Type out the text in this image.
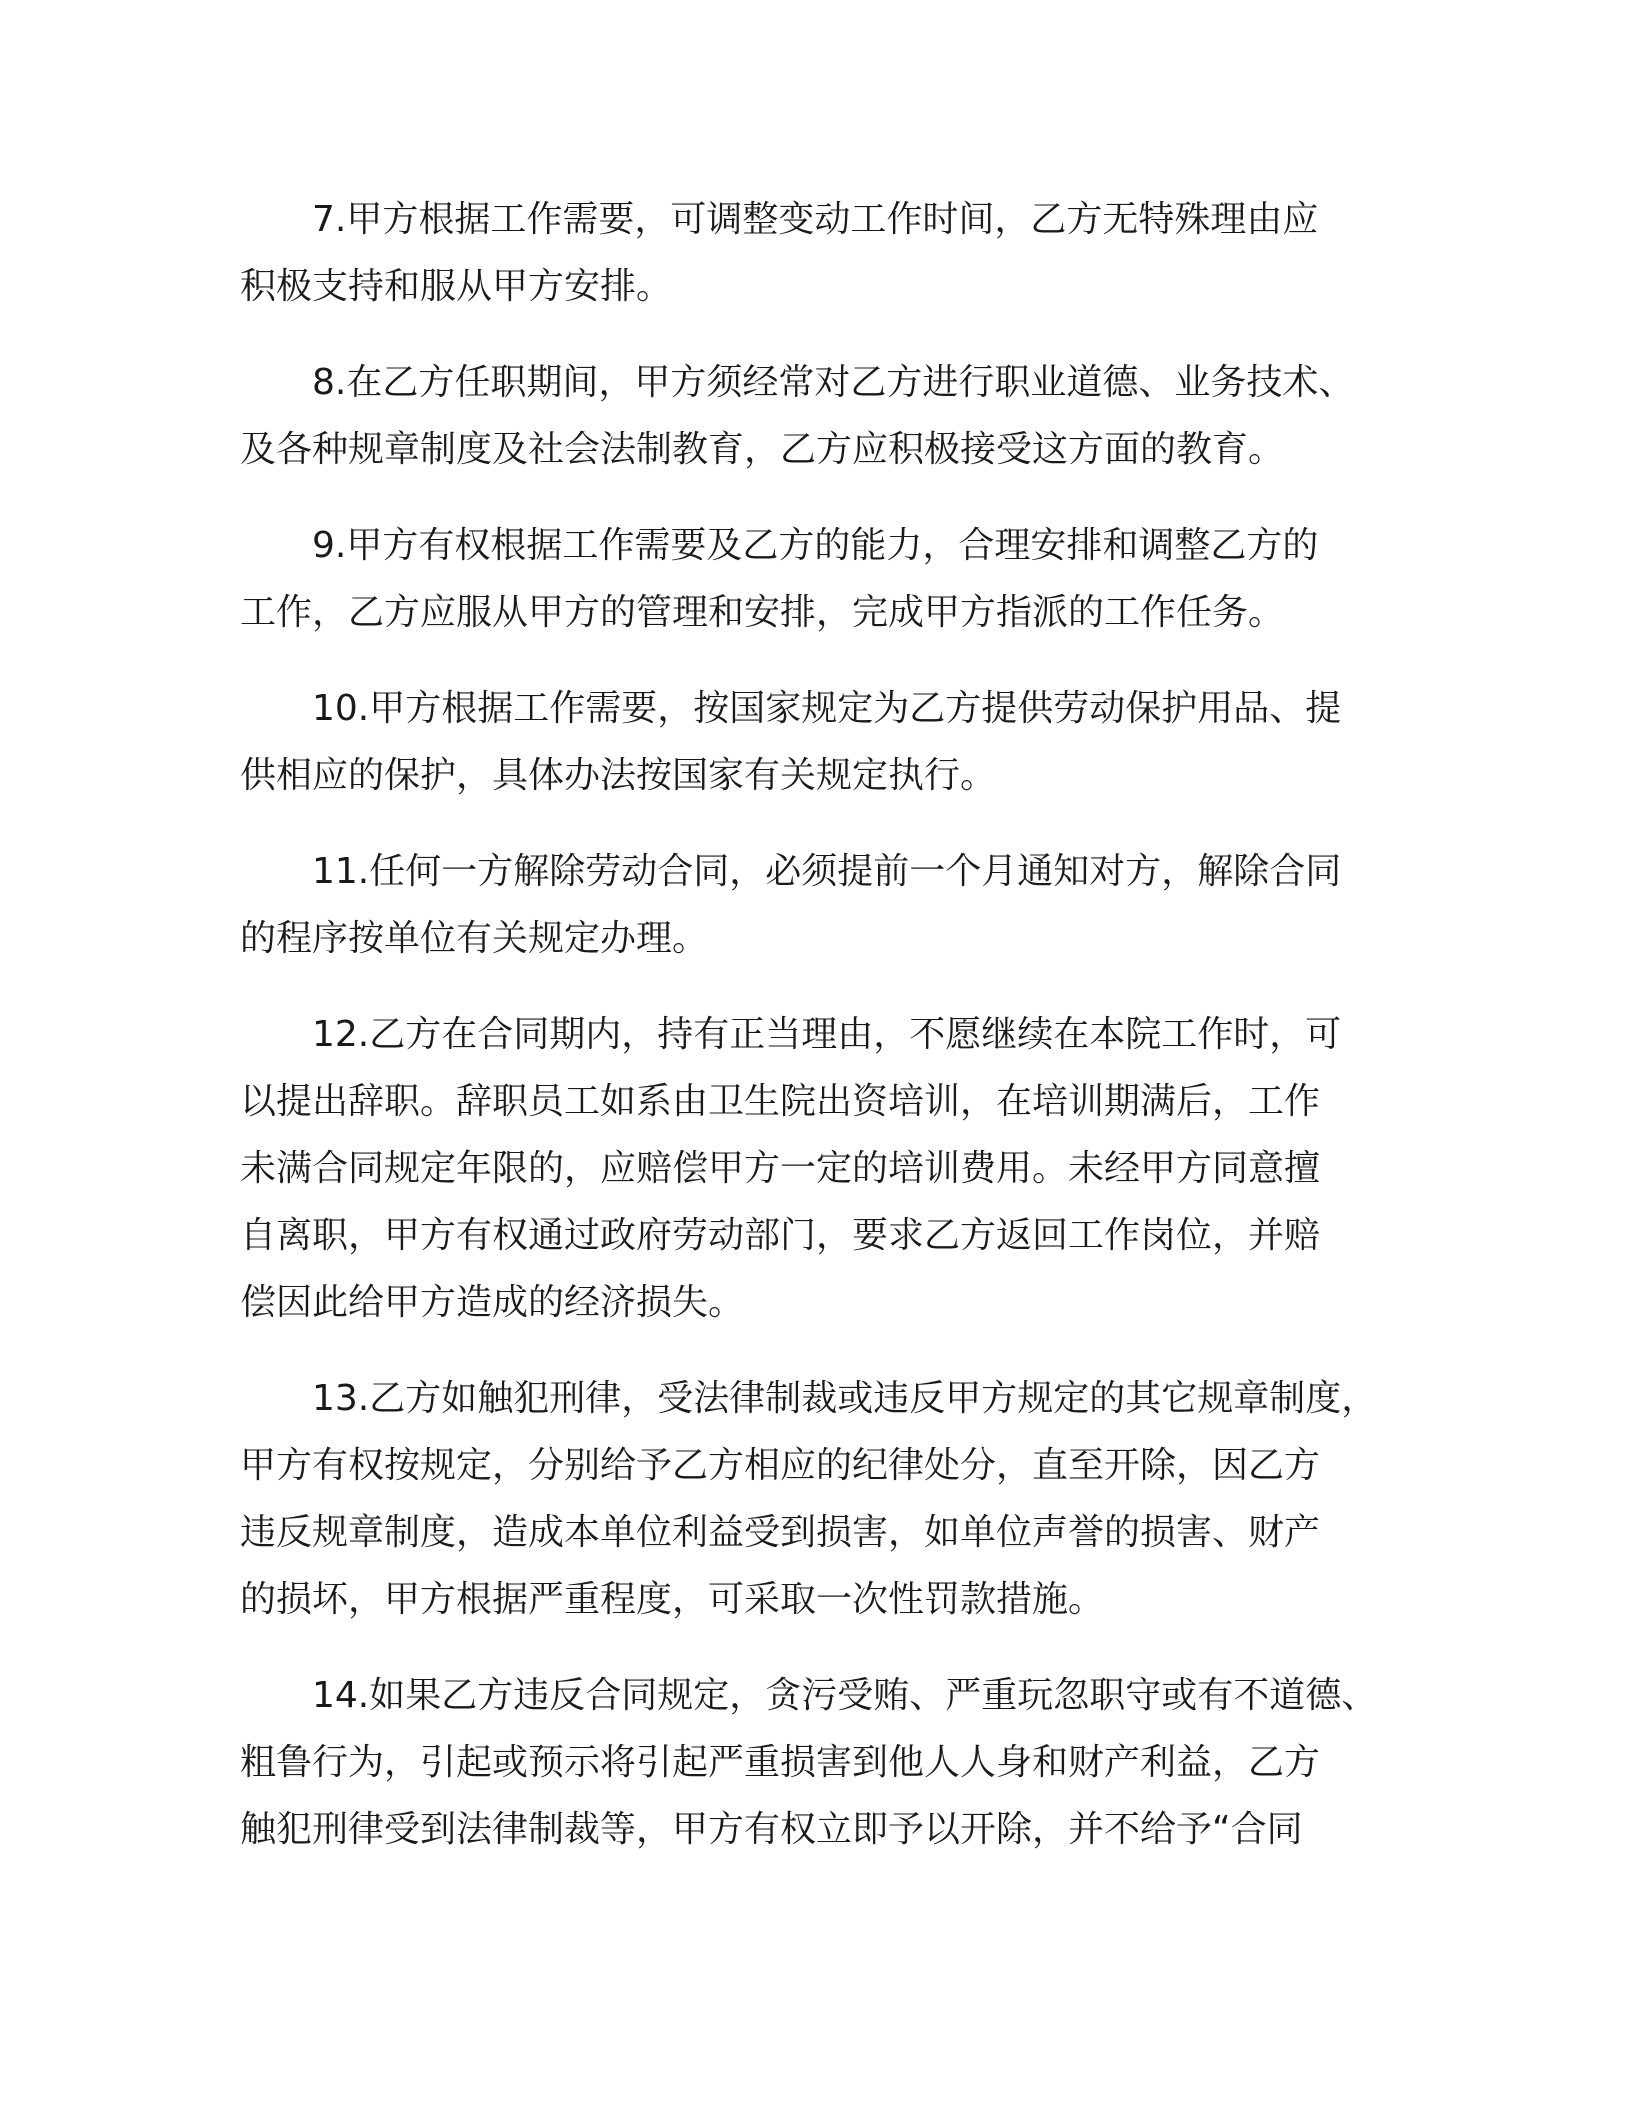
7.甲方根据工作需要，可调整变动工作时间，乙方无特殊理由应
积极支持和服从甲方安排。

8.在乙方任职期间，甲方须经常对乙方进行职业道德、业务技术、
及各种规章制度及社会法制教育，乙方应积极接受这方面的教育。

9.甲方有权根据工作需要及乙方的能力，合理安排和调整乙方的
工作，乙方应服从甲方的管理和安排，完成甲方指派的工作任务。

10.甲方根据工作需要，按国家规定为乙方提供劳动保护用品、提
供相应的保护，具体办法按国家有关规定执行。

11.任何一方解除劳动合同，必须提前一个月通知对方，解除合同
的程序按单位有关规定办理。

12.乙方在合同期内，持有正当理由，不愿继续在本院工作时，可
以提出辞职。辞职员工如系由卫生院出资培训，在培训期满后，工作
未满合同规定年限的，应赔偿甲方一定的培训费用。未经甲方同意擅
自离职，甲方有权通过政府劳动部门，要求乙方返回工作岗位，并赔
偿因此给甲方造成的经济损失。

13.乙方如触犯刑律，受法律制裁或违反甲方规定的其它规章制度，
甲方有权按规定，分别给予乙方相应的纪律处分，直至开除，因乙方
违反规章制度，造成本单位利益受到损害，如单位声誉的损害、财产
的损坏，甲方根据严重程度，可采取一次性罚款措施。

14.如果乙方违反合同规定，贪污受贿、严重玩忽职守或有不道德、
粗鲁行为，引起或预示将引起严重损害到他人人身和财产利益，乙方
触犯刑律受到法律制裁等，甲方有权立即予以开除，并不给予“合同
